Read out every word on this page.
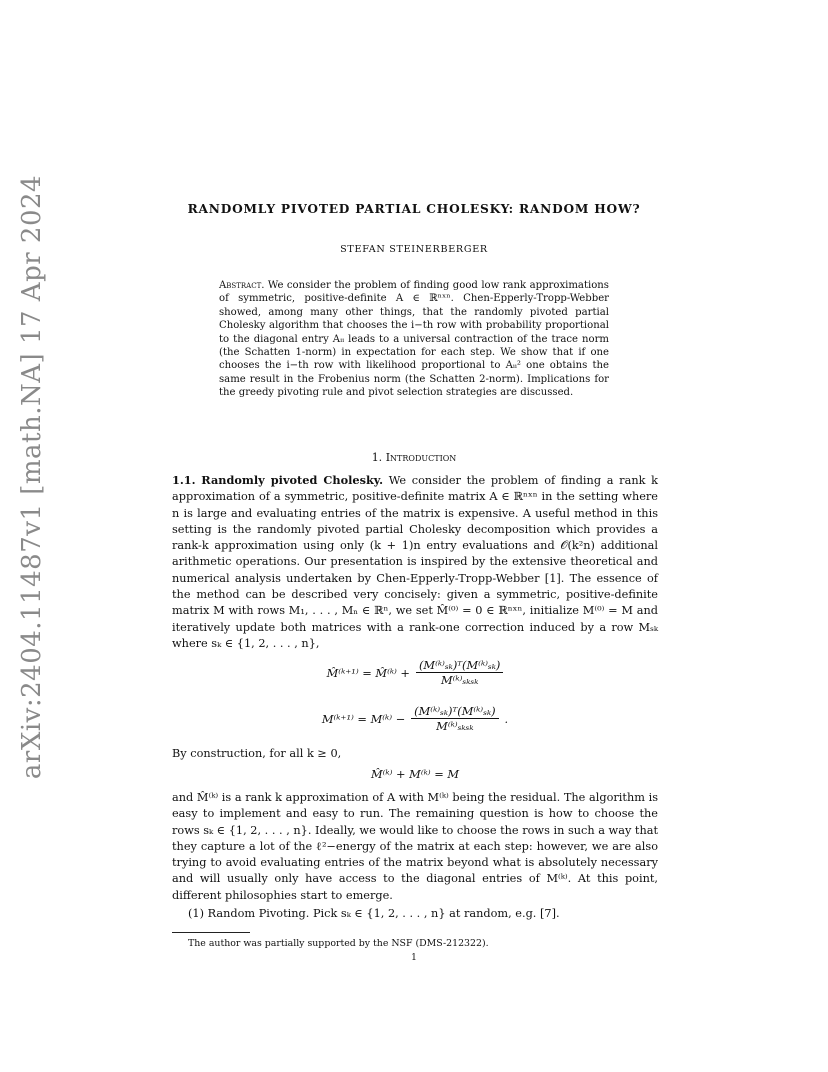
arXiv:2404.11487v1 [math.NA] 17 Apr 2024	RANDOMLY PIVOTED PARTIAL CHOLESKY: RANDOM HOW?
STEFAN STEINERBERGER
Abstract. We consider the problem of finding good low rank approximations of symmetric, positive-definite A ∈ ℝⁿˣⁿ. Chen-Epperly-Tropp-Webber showed, among many other things, that the randomly pivoted partial Cholesky algorithm that chooses the i−th row with probability proportional to the diagonal entry Aᵢᵢ leads to a universal contraction of the trace norm (the Schatten 1-norm) in expectation for each step. We show that if one chooses the i−th row with likelihood proportional to Aᵢᵢ² one obtains the same result in the Frobenius norm (the Schatten 2-norm). Implications for the greedy pivoting rule and pivot selection strategies are discussed.
1. Introduction
1.1. Randomly pivoted Cholesky. We consider the problem of finding a rank k approximation of a symmetric, positive-definite matrix A ∈ ℝⁿˣⁿ in the setting where n is large and evaluating entries of the matrix is expensive. A useful method in this setting is the randomly pivoted partial Cholesky decomposition which provides a rank-k approximation using only (k + 1)n entry evaluations and 𝒪(k²n) additional arithmetic operations. Our presentation is inspired by the extensive theoretical and numerical analysis undertaken by Chen-Epperly-Tropp-Webber [1]. The essence of the method can be described very concisely: given a symmetric, positive-definite matrix M with rows M₁, . . . , Mₙ ∈ ℝⁿ, we set M̂⁽⁰⁾ = 0 ∈ ℝⁿˣⁿ, initialize M⁽⁰⁾ = M and iteratively update both matrices with a rank-one correction induced by a row Mₛₖ where sₖ ∈ {1, 2, . . . , n},
M̂⁽ᵏ⁺¹⁾ = M̂⁽ᵏ⁾ +
(M⁽ᵏ⁾ₛₖ)ᵀ(M⁽ᵏ⁾ₛₖ)
M⁽ᵏ⁾ₛₖₛₖ
M⁽ᵏ⁺¹⁾ = M⁽ᵏ⁾ −
(M⁽ᵏ⁾ₛₖ)ᵀ(M⁽ᵏ⁾ₛₖ)
M⁽ᵏ⁾ₛₖₛₖ
.
By construction, for all k ≥ 0,
M̂⁽ᵏ⁾ + M⁽ᵏ⁾ = M
and M̂⁽ᵏ⁾ is a rank k approximation of A with M⁽ᵏ⁾ being the residual. The algorithm is easy to implement and easy to run. The remaining question is how to choose the rows sₖ ∈ {1, 2, . . . , n}. Ideally, we would like to choose the rows in such a way that they capture a lot of the ℓ²−energy of the matrix at each step: however, we are also trying to avoid evaluating entries of the matrix beyond what is absolutely necessary and will usually only have access to the diagonal entries of M⁽ᵏ⁾. At this point, different philosophies start to emerge.
(1) Random Pivoting. Pick sₖ ∈ {1, 2, . . . , n} at random, e.g. [7].
The author was partially supported by the NSF (DMS-212322).
1
